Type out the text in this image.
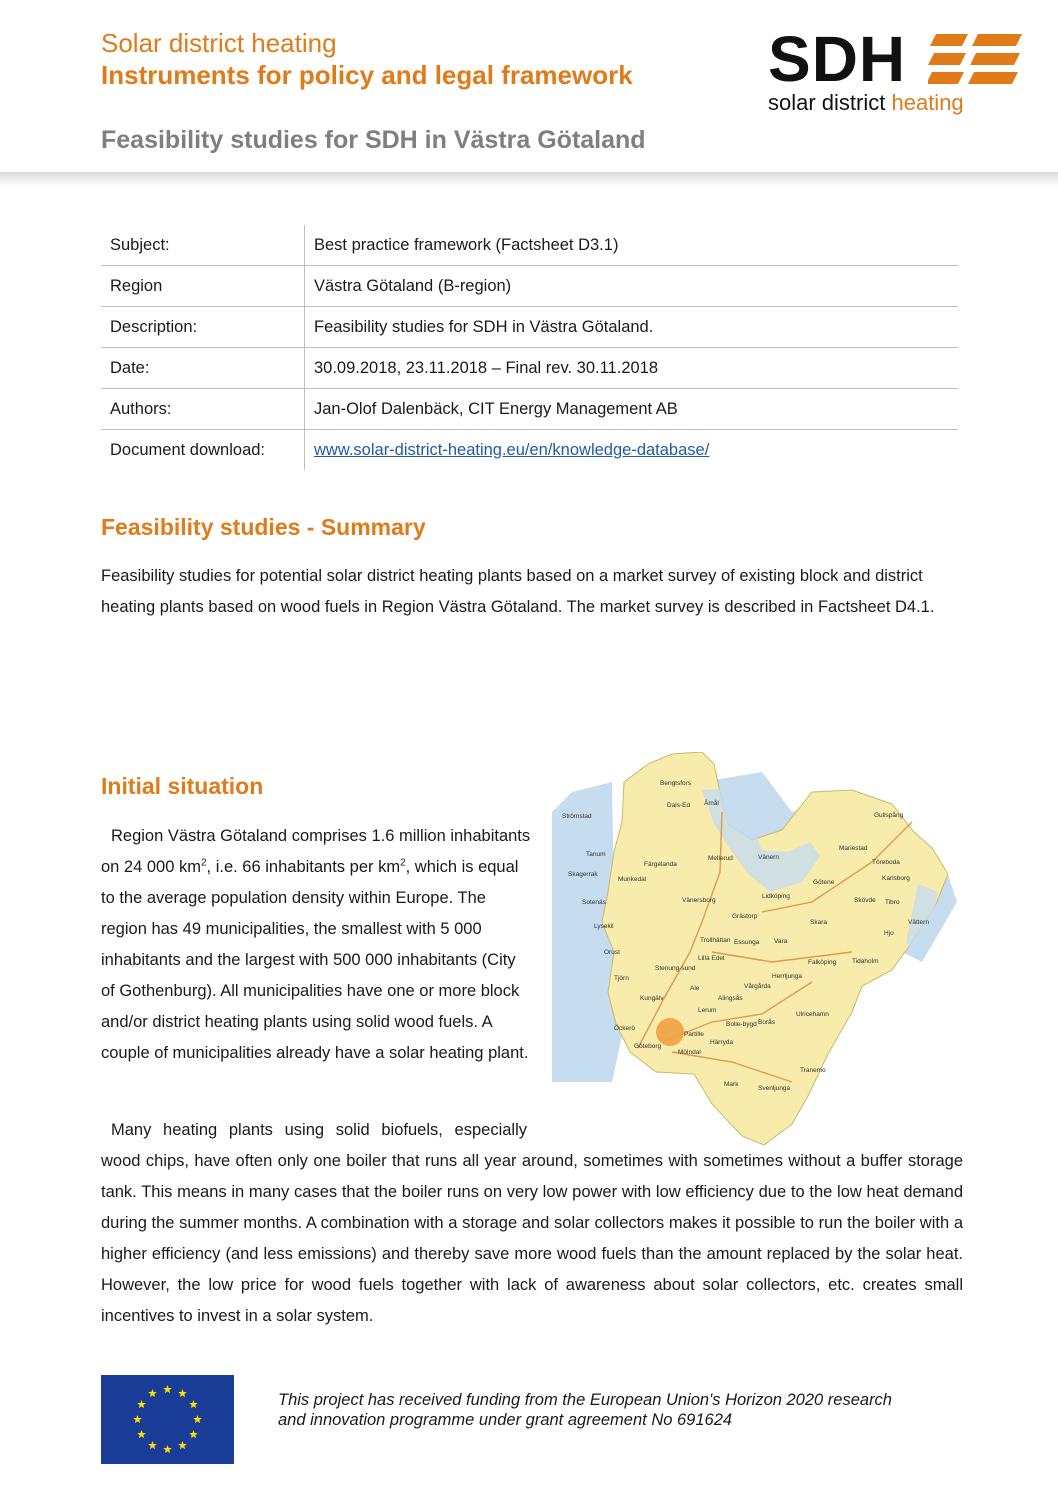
Solar district heating
Instruments for policy and legal framework
Feasibility studies for SDH in Västra Götaland
SDH
solar district heating
Subject:	Best practice framework (Factsheet D3.1)
Region	Västra Götaland (B-region)
Description:	Feasibility studies for SDH in Västra Götaland.
Date:	30.09.2018, 23.11.2018 – Final rev. 30.11.2018
Authors:	Jan-Olof Dalenbäck, CIT Energy Management AB
Document download:	www.solar-district-heating.eu/en/knowledge-database/
Feasibility studies - Summary
Feasibility studies for potential solar district heating plants based on a market survey of existing block and district heating plants based on wood fuels in Region Västra Götaland. The market survey is described in Factsheet D4.1.
Initial situation
Region Västra Götaland comprises 1.6 million inhabitants on 24 000 $km^2$, i.e. 66 inhabitants per $km^2$, which is equal to the average population density within Europe. The region has 49 municipalities, the smallest with 5 000 inhabitants and the largest with 500 000 inhabitants (City of Gothenburg). All municipalities have one or more block and/or district heating plants using solid wood fuels. A couple of municipalities already have a solar heating plant.
Many heating plants using solid biofuels, especially
wood chips, have often only one boiler that runs all year around, sometimes with sometimes without a buffer storage tank. This means in many cases that the boiler runs on very low power with low efficiency due to the low heat demand during the summer months. A combination with a storage and solar collectors makes it possible to run the boiler with a higher efficiency (and less emissions) and thereby save more wood fuels than the amount replaced by the solar heat. However, the low price for wood fuels together with lack of awareness about solar collectors, etc. creates small incentives to invest in a solar system.
Bengtsfors
Åmål
Strömstad
Dals-Ed
Gullspång
Tanum
Mellerud
Mariestad
Färgelanda
Vänern
Töreboda
Skagerrak
Munkedal	Götene
Karlsborg
Vänersborg
Lidköping
Sotenäs	Skövde Tibro
Grästorp
Lysekil
Skara
Hjo
Vättern
Trollhättan Essunga Vara
Orust
Lilla Edet
Falköping Tidaholm
Stenung-sund
Herrljunga
Tjörn
Ale	Vårgårda
Kungälv	Alingsås
Lerum
Ulricehamn
Öckerö
Bolle-bygd Borås
Partille
Göteborg
Härryda
Mölndal
Tranemo
Mark
Svenljunga
This project has received funding from the European Union's Horizon 2020 research
and innovation programme under grant agreement No 691624
